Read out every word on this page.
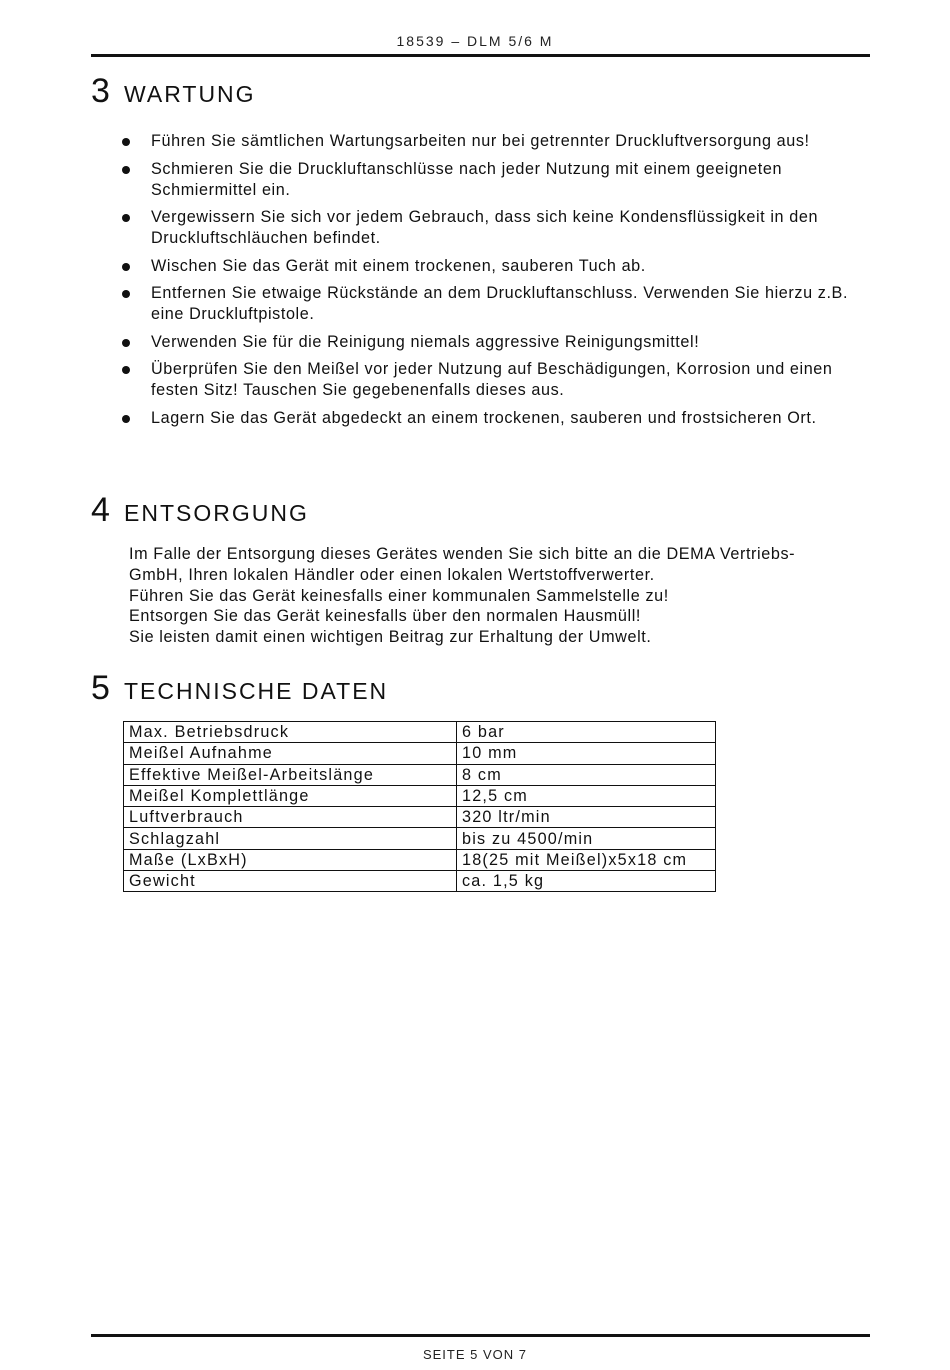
18539 – DLM 5/6 M
3 WARTUNG
Führen Sie sämtlichen Wartungsarbeiten nur bei getrennter Druckluftversorgung aus!
Schmieren Sie die Druckluftanschlüsse nach jeder Nutzung mit einem geeigneten Schmiermittel ein.
Vergewissern Sie sich vor jedem Gebrauch, dass sich keine Kondensflüssigkeit in den Druckluftschläuchen befindet.
Wischen Sie das Gerät mit einem trockenen, sauberen Tuch ab.
Entfernen Sie etwaige Rückstände an dem Druckluftanschluss. Verwenden Sie hierzu z.B. eine Druckluftpistole.
Verwenden Sie für die Reinigung niemals aggressive Reinigungsmittel!
Überprüfen Sie den Meißel vor jeder Nutzung auf Beschädigungen, Korrosion und einen festen Sitz! Tauschen Sie gegebenenfalls dieses aus.
Lagern Sie das Gerät abgedeckt an einem trockenen, sauberen und frostsicheren Ort.
4 ENTSORGUNG
Im Falle der Entsorgung dieses Gerätes wenden Sie sich bitte an die DEMA Vertriebs-
GmbH, Ihren lokalen Händler oder einen lokalen Wertstoffverwerter.
Führen Sie das Gerät keinesfalls einer kommunalen Sammelstelle zu!
Entsorgen Sie das Gerät keinesfalls über den normalen Hausmüll!
Sie leisten damit einen wichtigen Beitrag zur Erhaltung der Umwelt.
5 TECHNISCHE DATEN
Max. Betriebsdruck	6 bar
Meißel Aufnahme	10 mm
Effektive Meißel-Arbeitslänge	8 cm
Meißel Komplettlänge	12,5 cm
Luftverbrauch	320 ltr/min
Schlagzahl	bis zu 4500/min
Maße (LxBxH)	18(25 mit Meißel)x5x18 cm
Gewicht	ca. 1,5 kg
SEITE 5 VON 7
